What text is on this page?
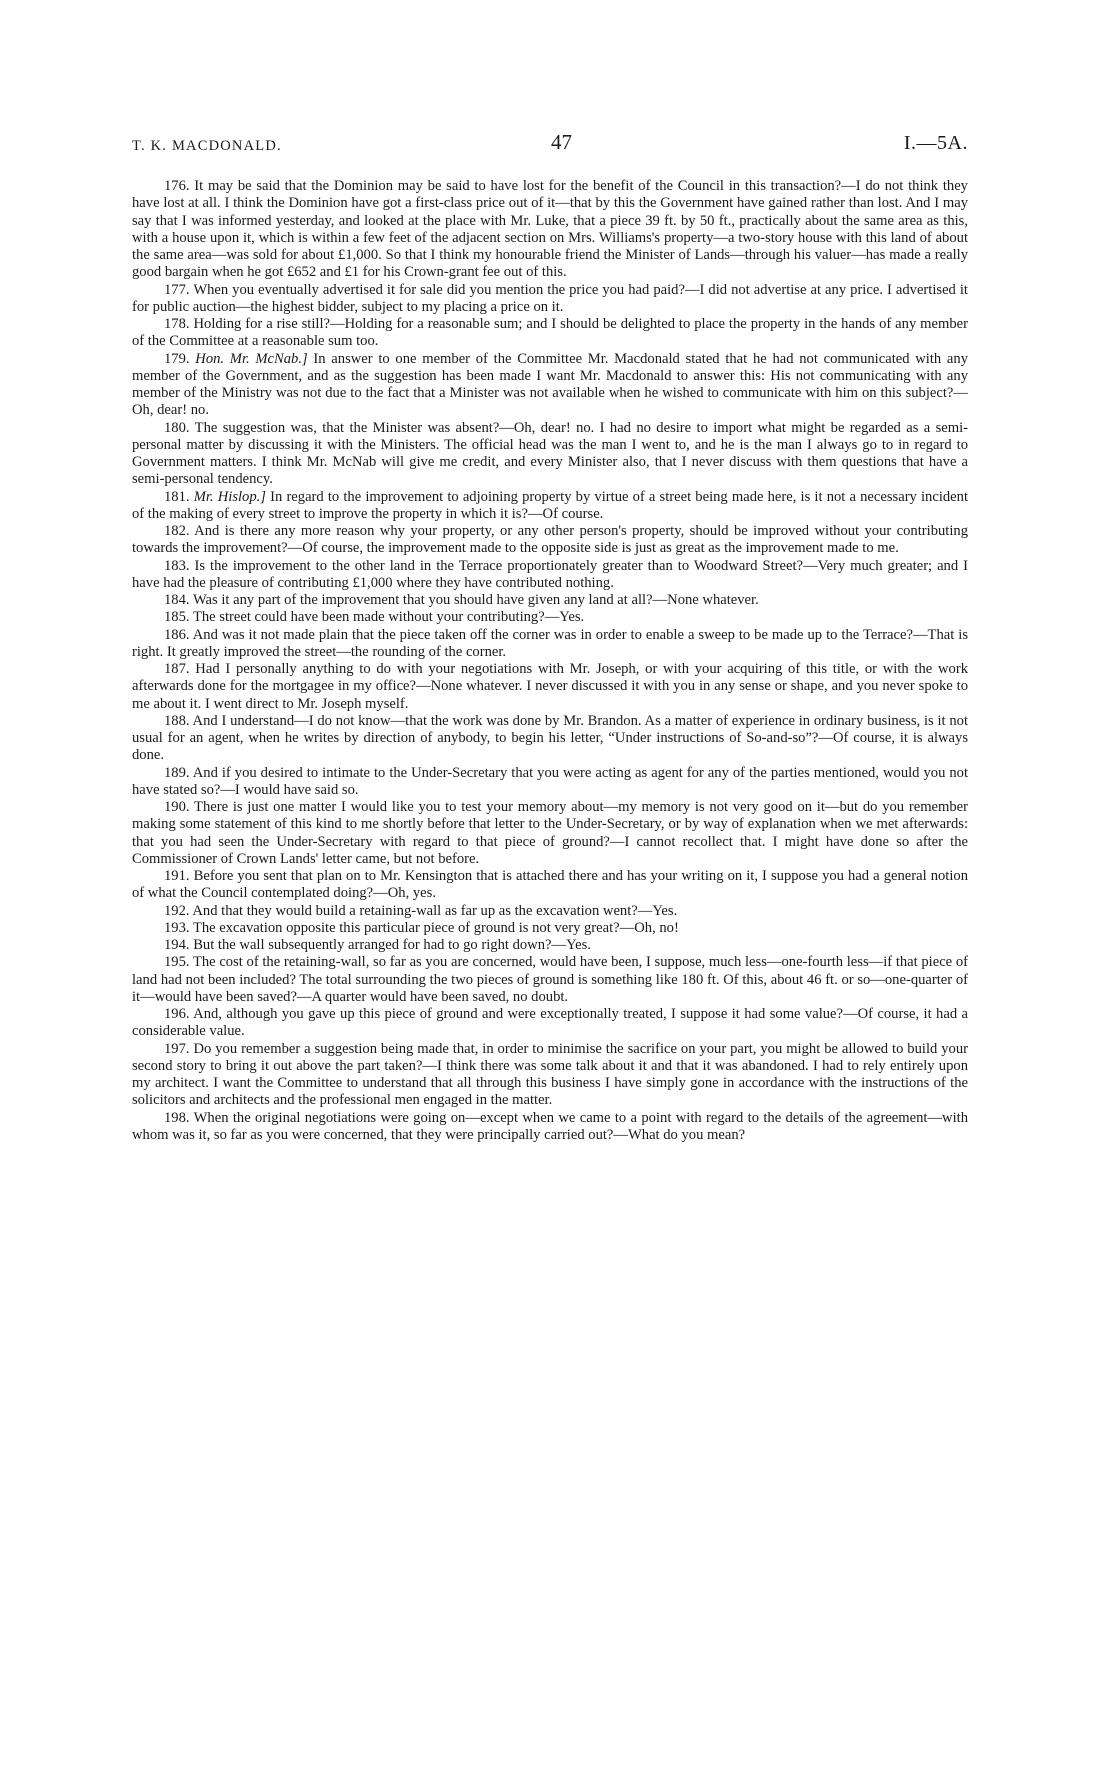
T. K. MACDONALD.	47	I.—5A.

176. It may be said that the Dominion may be said to have lost for the benefit of the Council in this transaction?—I do not think they have lost at all. I think the Dominion have got a first-class price out of it—that by this the Government have gained rather than lost. And I may say that I was informed yesterday, and looked at the place with Mr. Luke, that a piece 39 ft. by 50 ft., practically about the same area as this, with a house upon it, which is within a few feet of the adjacent section on Mrs. Williams's property—a two-story house with this land of about the same area—was sold for about £1,000. So that I think my honourable friend the Minister of Lands—through his valuer—has made a really good bargain when he got £652 and £1 for his Crown-grant fee out of this.

177. When you eventually advertised it for sale did you mention the price you had paid?—I did not advertise at any price. I advertised it for public auction—the highest bidder, subject to my placing a price on it.

178. Holding for a rise still?—Holding for a reasonable sum; and I should be delighted to place the property in the hands of any member of the Committee at a reasonable sum too.

179. Hon. Mr. McNab.] In answer to one member of the Committee Mr. Macdonald stated that he had not communicated with any member of the Government, and as the suggestion has been made I want Mr. Macdonald to answer this: His not communicating with any member of the Ministry was not due to the fact that a Minister was not available when he wished to communicate with him on this subject?—Oh, dear! no.

180. The suggestion was, that the Minister was absent?—Oh, dear! no. I had no desire to import what might be regarded as a semi-personal matter by discussing it with the Ministers. The official head was the man I went to, and he is the man I always go to in regard to Government matters. I think Mr. McNab will give me credit, and every Minister also, that I never discuss with them questions that have a semi-personal tendency.

181. Mr. Hislop.] In regard to the improvement to adjoining property by virtue of a street being made here, is it not a necessary incident of the making of every street to improve the property in which it is?—Of course.

182. And is there any more reason why your property, or any other person's property, should be improved without your contributing towards the improvement?—Of course, the improvement made to the opposite side is just as great as the improvement made to me.

183. Is the improvement to the other land in the Terrace proportionately greater than to Woodward Street?—Very much greater; and I have had the pleasure of contributing £1,000 where they have contributed nothing.

184. Was it any part of the improvement that you should have given any land at all?—None whatever.

185. The street could have been made without your contributing?—Yes.

186. And was it not made plain that the piece taken off the corner was in order to enable a sweep to be made up to the Terrace?—That is right. It greatly improved the street—the rounding of the corner.

187. Had I personally anything to do with your negotiations with Mr. Joseph, or with your acquiring of this title, or with the work afterwards done for the mortgagee in my office?—None whatever. I never discussed it with you in any sense or shape, and you never spoke to me about it. I went direct to Mr. Joseph myself.

188. And I understand—I do not know—that the work was done by Mr. Brandon. As a matter of experience in ordinary business, is it not usual for an agent, when he writes by direction of anybody, to begin his letter, “Under instructions of So-and-so”?—Of course, it is always done.

189. And if you desired to intimate to the Under-Secretary that you were acting as agent for any of the parties mentioned, would you not have stated so?—I would have said so.

190. There is just one matter I would like you to test your memory about—my memory is not very good on it—but do you remember making some statement of this kind to me shortly before that letter to the Under-Secretary, or by way of explanation when we met afterwards: that you had seen the Under-Secretary with regard to that piece of ground?—I cannot recollect that. I might have done so after the Commissioner of Crown Lands' letter came, but not before.

191. Before you sent that plan on to Mr. Kensington that is attached there and has your writing on it, I suppose you had a general notion of what the Council contemplated doing?—Oh, yes.

192. And that they would build a retaining-wall as far up as the excavation went?—Yes.

193. The excavation opposite this particular piece of ground is not very great?—Oh, no!

194. But the wall subsequently arranged for had to go right down?—Yes.

195. The cost of the retaining-wall, so far as you are concerned, would have been, I suppose, much less—one-fourth less—if that piece of land had not been included? The total surrounding the two pieces of ground is something like 180 ft. Of this, about 46 ft. or so—one-quarter of it—would have been saved?—A quarter would have been saved, no doubt.

196. And, although you gave up this piece of ground and were exceptionally treated, I suppose it had some value?—Of course, it had a considerable value.

197. Do you remember a suggestion being made that, in order to minimise the sacrifice on your part, you might be allowed to build your second story to bring it out above the part taken?—I think there was some talk about it and that it was abandoned. I had to rely entirely upon my architect. I want the Committee to understand that all through this business I have simply gone in accordance with the instructions of the solicitors and architects and the professional men engaged in the matter.

198. When the original negotiations were going on—except when we came to a point with regard to the details of the agreement—with whom was it, so far as you were concerned, that they were principally carried out?—What do you mean?
